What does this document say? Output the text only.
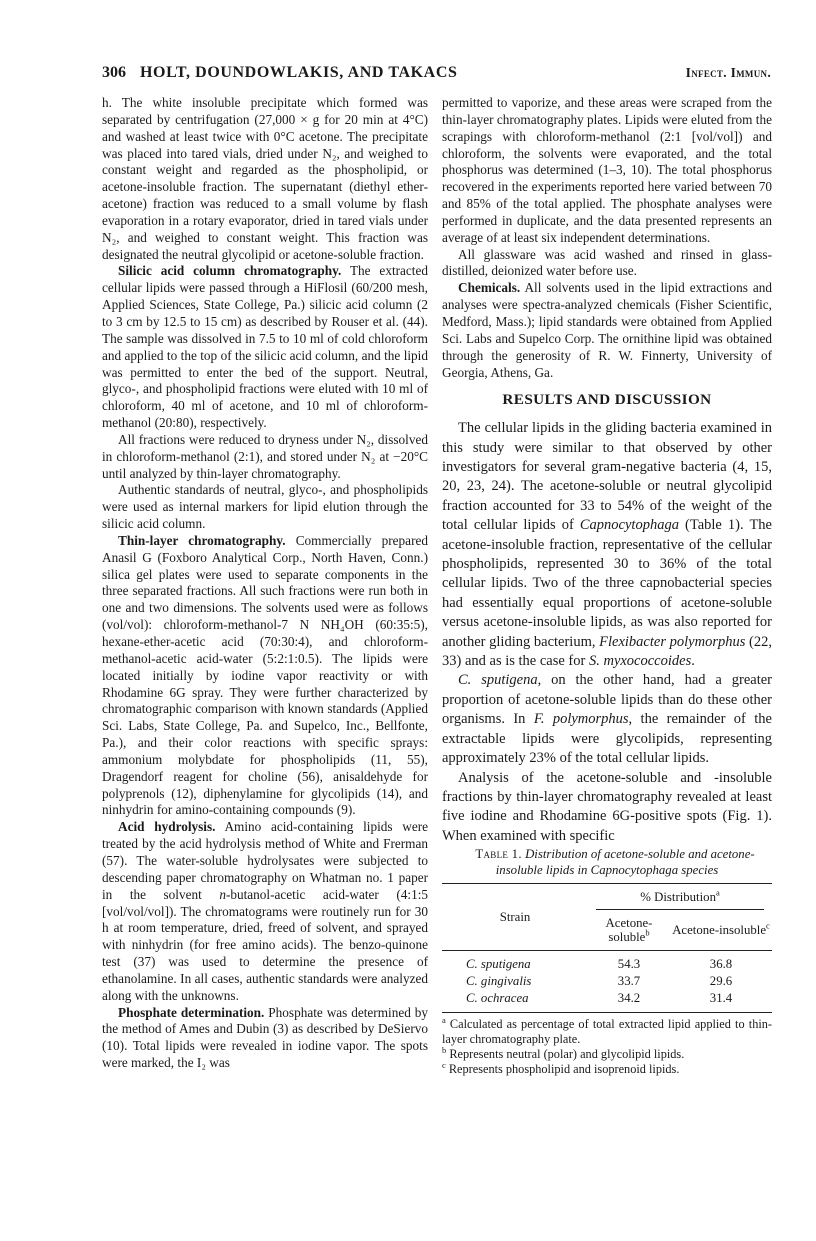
306 HOLT, DOUNDOWLAKIS, AND TAKACS	Infect. Immun.

h. The white insoluble precipitate which formed was separated by centrifugation (27,000 × g for 20 min at 4°C) and washed at least twice with 0°C acetone. The precipitate was placed into tared vials, dried under N₂, and weighed to constant weight and regarded as the phospholipid, or acetone-insoluble fraction. The supernatant (diethyl ether-acetone) fraction was reduced to a small volume by flash evaporation in a rotary evaporator, dried in tared vials under N₂, and weighed to constant weight. This fraction was designated the neutral glycolipid or acetone-soluble fraction.

Silicic acid column chromatography. The extracted cellular lipids were passed through a HiFlosil (60/200 mesh, Applied Sciences, State College, Pa.) silicic acid column (2 to 3 cm by 12.5 to 15 cm) as described by Rouser et al. (44). The sample was dissolved in 7.5 to 10 ml of cold chloroform and applied to the top of the silicic acid column, and the lipid was permitted to enter the bed of the support. Neutral, glyco-, and phospholipid fractions were eluted with 10 ml of chloroform, 40 ml of acetone, and 10 ml of chloroform-methanol (20:80), respectively.

All fractions were reduced to dryness under N₂, dissolved in chloroform-methanol (2:1), and stored under N₂ at −20°C until analyzed by thin-layer chromatography.

Authentic standards of neutral, glyco-, and phospholipids were used as internal markers for lipid elution through the silicic acid column.

Thin-layer chromatography. Commercially prepared Anasil G (Foxboro Analytical Corp., North Haven, Conn.) silica gel plates were used to separate components in the three separated fractions. All such fractions were run both in one and two dimensions. The solvents used were as follows (vol/vol): chloroform-methanol-7 N NH₄OH (60:35:5), hexane-ether-acetic acid (70:30:4), and chloroform-methanol-acetic acid-water (5:2:1:0.5). The lipids were located initially by iodine vapor reactivity or with Rhodamine 6G spray. They were further characterized by chromatographic comparison with known standards (Applied Sci. Labs, State College, Pa. and Supelco, Inc., Bellfonte, Pa.), and their color reactions with specific sprays: ammonium molybdate for phospholipids (11, 55), Dragendorf reagent for choline (56), anisaldehyde for polyprenols (12), diphenylamine for glycolipids (14), and ninhydrin for amino-containing compounds (9).

Acid hydrolysis. Amino acid-containing lipids were treated by the acid hydrolysis method of White and Frerman (57). The water-soluble hydrolysates were subjected to descending paper chromatography on Whatman no. 1 paper in the solvent n-butanol-acetic acid-water (4:1:5 [vol/vol/vol]). The chromatograms were routinely run for 30 h at room temperature, dried, freed of solvent, and sprayed with ninhydrin (for free amino acids). The benzo-quinone test (37) was used to determine the presence of ethanolamine. In all cases, authentic standards were analyzed along with the unknowns.

Phosphate determination. Phosphate was determined by the method of Ames and Dubin (3) as described by DeSiervo (10). Total lipids were revealed in iodine vapor. The spots were marked, the I₂ was

permitted to vaporize, and these areas were scraped from the thin-layer chromatography plates. Lipids were eluted from the scrapings with chloroform-methanol (2:1 [vol/vol]) and chloroform, the solvents were evaporated, and the total phosphorus was determined (1–3, 10). The total phosphorus recovered in the experiments reported here varied between 70 and 85% of the total applied. The phosphate analyses were performed in duplicate, and the data presented represents an average of at least six independent determinations.

All glassware was acid washed and rinsed in glass-distilled, deionized water before use.

Chemicals. All solvents used in the lipid extractions and analyses were spectra-analyzed chemicals (Fisher Scientific, Medford, Mass.); lipid standards were obtained from Applied Sci. Labs and Supelco Corp. The ornithine lipid was obtained through the generosity of R. W. Finnerty, University of Georgia, Athens, Ga.

RESULTS AND DISCUSSION

The cellular lipids in the gliding bacteria examined in this study were similar to that observed by other investigators for several gram-negative bacteria (4, 15, 20, 23, 24). The acetone-soluble or neutral glycolipid fraction accounted for 33 to 54% of the weight of the total cellular lipids of Capnocytophaga (Table 1). The acetone-insoluble fraction, representative of the cellular phospholipids, represented 30 to 36% of the total cellular lipids. Two of the three capnobacterial species had essentially equal proportions of acetone-soluble versus acetone-insoluble lipids, as was also reported for another gliding bacterium, Flexibacter polymorphus (22, 33) and as is the case for S. myxococcoides.

C. sputigena, on the other hand, had a greater proportion of acetone-soluble lipids than do these other organisms. In F. polymorphus, the remainder of the extractable lipids were glycolipids, representing approximately 23% of the total cellular lipids.

Analysis of the acetone-soluble and -insoluble fractions by thin-layer chromatography revealed at least five iodine and Rhodamine 6G-positive spots (Fig. 1). When examined with specific

Table 1. Distribution of acetone-soluble and acetone-insoluble lipids in Capnocytophaga species

Strain	% Distribution$^a$

	Acetone-soluble$^b$	Acetone-insoluble$^c$
C. sputigena	54.3	36.8
C. gingivalis	33.7	29.6
C. ochracea	34.2	31.4

$^a$ Calculated as percentage of total extracted lipid applied to thin-layer chromatography plate.
$^b$ Represents neutral (polar) and glycolipid lipids.
$^c$ Represents phospholipid and isoprenoid lipids.
